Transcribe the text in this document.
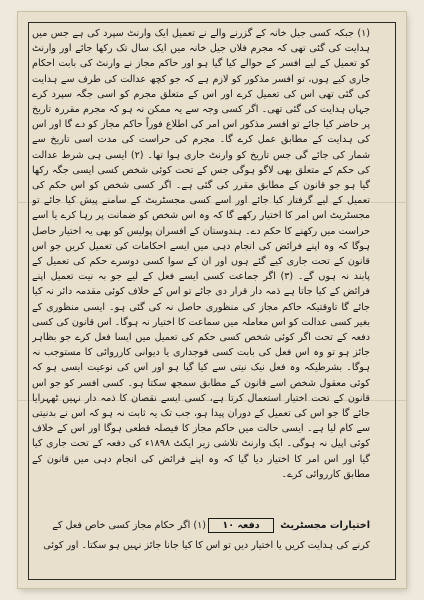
(۱) جبکہ کسی جیل خانہ کے گزرنے والے نے تعمیل ایک وارنٹ سپرد کی ہے جس میں ہدایت کی گئی تھی کہ مجرم فلاں جیل خانہ میں ایک سال تک رکھا جائے اور وارنٹ کو تعمیل کے لیے افسر کے حوالے کیا گیا ہو اور حاکم مجاز نے وارنٹ کی بابت احکام جاری کیے ہوں، تو افسر مذکور کو لازم ہے کہ جو کچھ عدالت کی طرف سے ہدایت کی گئی تھی اس کی تعمیل کرے اور اس کے متعلق مجرم کو اسی جگہ سپرد کرے جہاں ہدایت کی گئی تھی۔ اگر کسی وجہ سے یہ ممکن نہ ہو کہ مجرم مقررہ تاریخ پر حاضر کیا جائے تو افسر مذکور اس امر کی اطلاع فوراً حاکم مجاز کو دے گا اور اس کی ہدایت کے مطابق عمل کرے گا۔ مجرم کی حراست کی مدت اسی تاریخ سے شمار کی جائے گی جس تاریخ کو وارنٹ جاری ہوا تھا۔ (۲) ایسی ہی شرط عدالت کی حکم کے متعلق بھی لاگو ہوگی جس کے تحت کوئی شخص کسی ایسی جگہ رکھا گیا ہو جو قانون کے مطابق مقرر کی گئی ہے۔ اگر کسی شخص کو اس حکم کی تعمیل کے لیے گرفتار کیا جائے اور اسے کسی مجسٹریٹ کے سامنے پیش کیا جائے تو مجسٹریٹ اس امر کا اختیار رکھے گا کہ وہ اس شخص کو ضمانت پر رہا کرے یا اسے حراست میں رکھنے کا حکم دے۔ ہندوستان کے افسران پولیس کو بھی یہ اختیار حاصل ہوگا کہ وہ اپنے فرائض کی انجام دہی میں ایسے احکامات کی تعمیل کریں جو اس قانون کے تحت جاری کیے گئے ہوں اور ان کے سوا کسی دوسرے حکم کی تعمیل کے پابند نہ ہوں گے۔ (۳) اگر جماعت کسی ایسے فعل کے لیے جو بہ نیت تعمیل اپنے فرائض کے کیا جاتا ہے ذمہ دار قرار دی جائے تو اس کے خلاف کوئی مقدمہ دائر نہ کیا جائے گا تاوقتیکہ حاکم مجاز کی منظوری حاصل نہ کی گئی ہو۔ ایسی منظوری کے بغیر کسی عدالت کو اس معاملہ میں سماعت کا اختیار نہ ہوگا۔ اس قانون کی کسی دفعہ کے تحت اگر کوئی شخص کسی حکم کی تعمیل میں ایسا فعل کرے جو بظاہر جائز ہو تو وہ اس فعل کی بابت کسی فوجداری یا دیوانی کارروائی کا مستوجب نہ ہوگا۔ بشرطیکہ وہ فعل نیک نیتی سے کیا گیا ہو اور اس کی نوعیت ایسی ہو کہ کوئی معقول شخص اسے قانون کے مطابق سمجھ سکتا ہو۔ کسی افسر کو جو اس قانون کے تحت اختیار استعمال کرتا ہے، کسی ایسے نقصان کا ذمہ دار نہیں ٹھہرایا جائے گا جو اس کی تعمیل کے دوران پیدا ہو، جب تک یہ ثابت نہ ہو کہ اس نے بدنیتی سے کام لیا ہے۔ ایسی حالت میں حاکم مجاز کا فیصلہ قطعی ہوگا اور اس کے خلاف کوئی اپیل نہ ہوگی۔ ایک وارنٹ تلاشی زیر ایکٹ ۱۸۹۸ء کی دفعہ کے تحت جاری کیا گیا اور اس امر کا اختیار دیا گیا کہ وہ اپنے فرائض کی انجام دہی میں قانون کے مطابق کارروائی کرے۔
اختیارات مجسٹریٹ
دفعہ ۱۰
(۱) اگر حکام مجاز کسی خاص فعل کے
کرنے کی ہدایت کریں یا اختیار دیں تو اس کا کیا جانا جائز نہیں ہو سکتا۔ اور کوئی
